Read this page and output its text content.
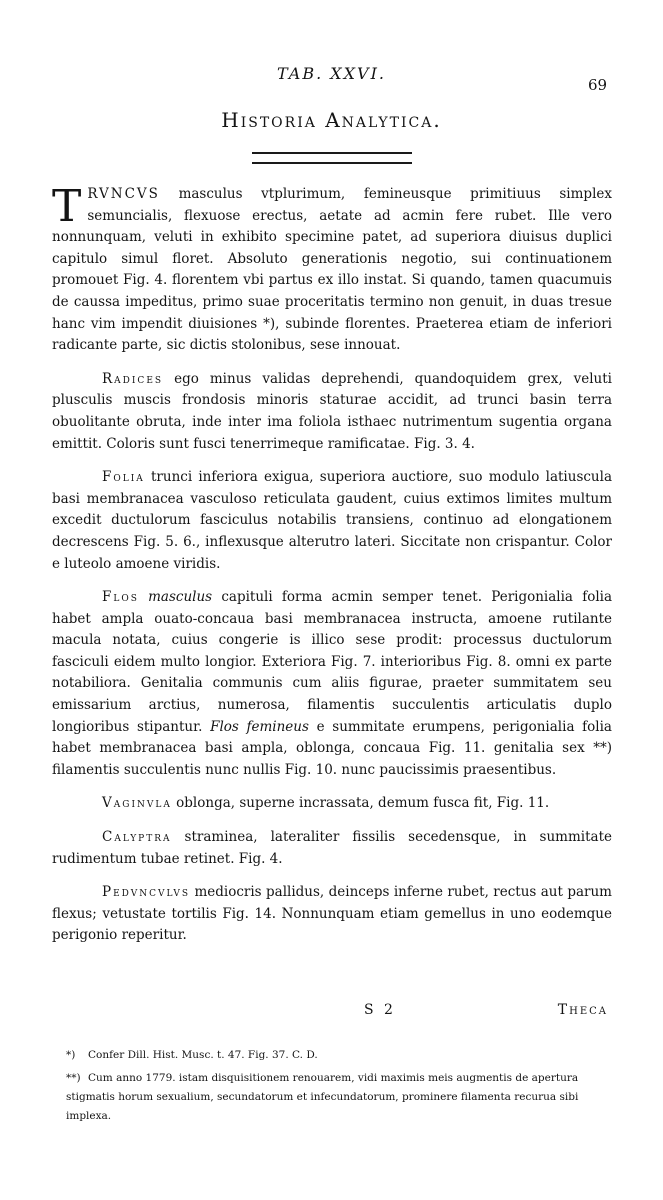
TAB. XXVI.
69
Historia Analytica.

TRVNCVS masculus vtplurimum, femineusque primitiuus simplex semuncialis, flexuose erectus, aetate ad acmin fere rubet. Ille vero nonnunquam, veluti in exhibito specimine patet, ad superiora diuisus duplici capitulo simul floret. Absoluto generationis negotio, sui continuationem promouet Fig. 4. florentem vbi partus ex illo instat. Si quando, tamen quacumuis de caussa impeditus, primo suae proceritatis termino non genuit, in duas tresue hanc vim impendit diuisiones *), subinde florentes. Praeterea etiam de inferiori radicante parte, sic dictis stolonibus, sese innouat.

Radices ego minus validas deprehendi, quandoquidem grex, veluti plusculis muscis frondosis minoris staturae accidit, ad trunci basin terra obuolitante obruta, inde inter ima foliola isthaec nutrimentum sugentia organa emittit. Coloris sunt fusci tenerrimeque ramificatae. Fig. 3. 4.

Folia trunci inferiora exigua, superiora auctiore, suo modulo latiuscula basi membranacea vasculoso reticulata gaudent, cuius extimos limites multum excedit ductulorum fasciculus notabilis transiens, continuo ad elongationem decrescens Fig. 5. 6., inflexusque alterutro lateri. Siccitate non crispantur. Color e luteolo amoene viridis.

Flos masculus capituli forma acmin semper tenet. Perigonialia folia habet ampla ouato-concaua basi membranacea instructa, amoene rutilante macula notata, cuius congerie is illico sese prodit: processus ductulorum fasciculi eidem multo longior. Exteriora Fig. 7. interioribus Fig. 8. omni ex parte notabiliora. Genitalia communis cum aliis figurae, praeter summitatem seu emissarium arctius, numerosa, filamentis succulentis articulatis duplo longioribus stipantur. Flos femineus e summitate erumpens, perigonialia folia habet membranacea basi ampla, oblonga, concaua Fig. 11. genitalia sex **) filamentis succulentis nunc nullis Fig. 10. nunc paucissimis praesentibus.

Vaginvla oblonga, superne incrassata, demum fusca fit, Fig. 11.

Calyptra straminea, lateraliter fissilis secedensque, in summitate rudimentum tubae retinet. Fig. 4.

Pedvncvlvs mediocris pallidus, deinceps inferne rubet, rectus aut parum flexus; vetustate tortilis Fig. 14. Nonnunquam etiam gemellus in uno eodemque perigonio reperitur.

S 2	Theca
*) Confer Dill. Hist. Musc. t. 47. Fig. 37. C. D.
**) Cum anno 1779. istam disquisitionem renouarem, vidi maximis meis augmentis de apertura stigmatis horum sexualium, secundatorum et infecundatorum, prominere filamenta recurua sibi implexa.
